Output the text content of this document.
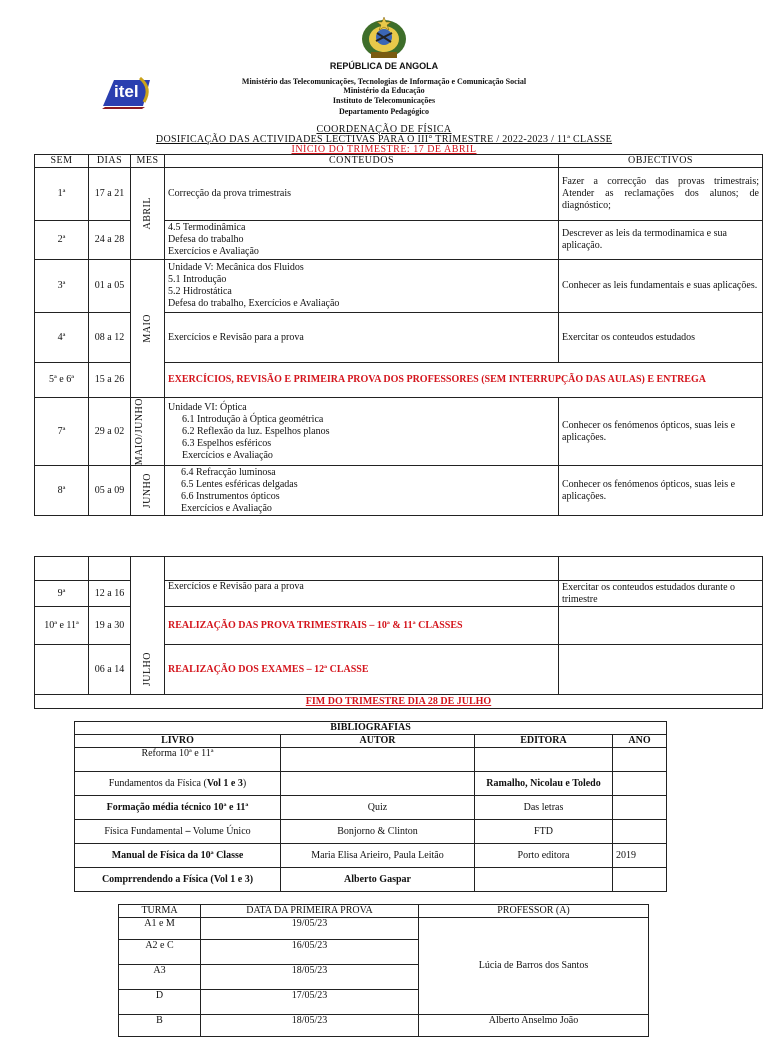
REPÚBLICA DE ANGOLA
Ministério das Telecomunicações, Tecnologias de Informação e Comunicação Social
Ministério da Educação
Instituto de Telecomunicações
Departamento Pedagógico
itel
COORDENAÇÃO DE FÍSICA
DOSIFICAÇÃO DAS ACTIVIDADES LECTIVAS PARA O III° TRIMESTRE / 2022-2023 / 11ª CLASSE
INÍCIO DO TRIMESTRE: 17 DE ABRIL
SEM	DIAS	MES	CONTEUDOS	OBJECTIVOS
1ª	17 a 21	ABRIL	Correcção da prova trimestrais	Fazer a correcção das provas trimestrais; Atender as reclamações dos alunos; de diagnóstico;
2ª	24 a 28		4.5 Termodinâmica
Defesa do trabalho
Exercícios e Avaliação	Descrever as leis da termodinamica e sua aplicação.
3ª	01 a 05	MAIO	Unidade V: Mecânica dos Fluidos
5.1 Introdução
5.2 Hidrostática
Defesa do trabalho, Exercícios e Avaliação	Conhecer as leis fundamentais e suas aplicações.
4ª	08 a 12		Exercícios e Revisão para a prova	Exercitar os conteudos estudados
5ª e 6ª	15 a 26		EXERCÍCIOS, REVISÃO E PRIMEIRA PROVA DOS PROFESSORES (SEM INTERRUPÇÃO DAS AULAS) E ENTREGA	
7ª	29 a 02	MAIO/JUNHO	Unidade VI: Óptica
6.1 Introdução à Óptica geométrica
6.2 Reflexão da luz. Espelhos planos
6.3 Espelhos esféricos
Exercícios e Avaliação	Conhecer os fenómenos ópticos, suas leis e aplicações.
8ª	05 a 09	JUNHO	6.4 Refracção luminosa
6.5 Lentes esféricas delgadas
6.6 Instrumentos ópticos
Exercícios e Avaliação	Conhecer os fenómenos ópticos, suas leis e aplicações.

		JULHO		

9ª	12 a 16		Exercícios e Revisão para a prova	Exercitar os conteudos estudados durante o trimestre
10ª e 11ª	19 a 30		REALIZAÇÃO DAS PROVA TRIMESTRAIS – 10ª & 11ª CLASSES	
	06 a 14		REALIZAÇÃO DOS EXAMES – 12ª CLASSE	
FIM DO TRIMESTRE DIA 28 DE JULHO				
BIBLIOGRAFIAS			
LIVRO	AUTOR	EDITORA	ANO
Reforma 10ª e 11ª			
Fundamentos da Física (Vol 1 e 3)		Ramalho, Nicolau e Toledo	
Formação média técnico 10ª e 11ª	Quiz	Das letras	
Física Fundamental – Volume Único	Bonjorno & Clinton	FTD	
Manual de Física da 10ª Classe	Maria Elisa Arieiro, Paula Leitão	Porto editora	2019
Comprrendendo a Física (Vol 1 e 3)	Alberto Gaspar		
TURMA	DATA DA PRIMEIRA PROVA	PROFESSOR (A)
A1 e M	19/05/23	Lúcia de Barros dos Santos
A2 e C	16/05/23	
A3	18/05/23	
D	17/05/23	
B	18/05/23	Alberto Anselmo João
